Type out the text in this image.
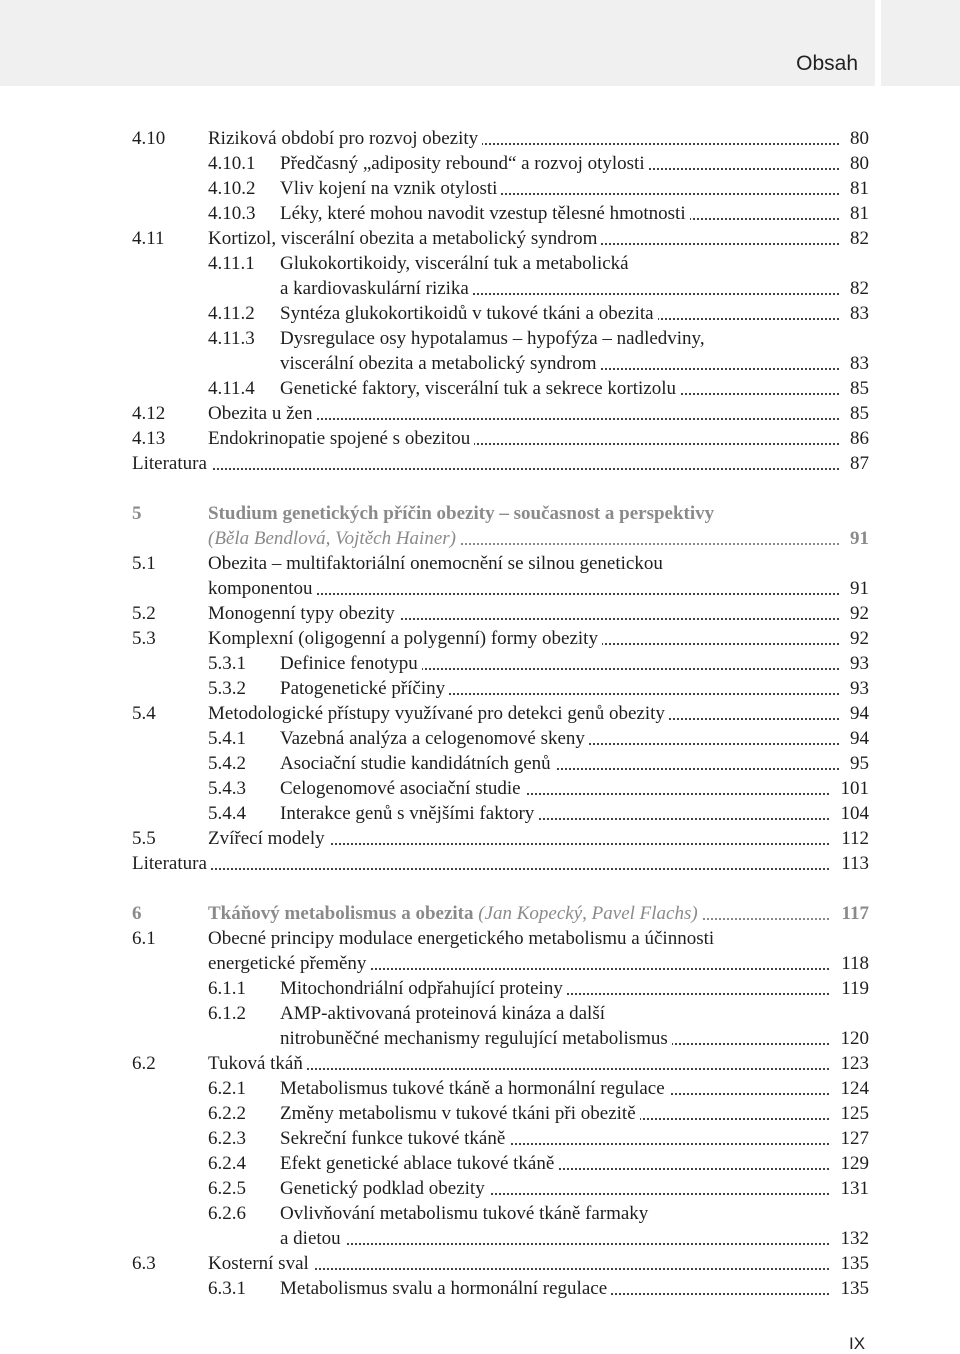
Obsah
4.10 Riziková období pro rozvoj obezity	80
4.10.1 Předčasný „adiposity rebound“ a rozvoj otylosti	80
4.10.2 Vliv kojení na vznik otylosti	81
4.10.3 Léky, které mohou navodit vzestup tělesné hmotnosti	81
4.11 Kortizol, viscerální obezita a metabolický syndrom	82
4.11.1 Glukokortikoidy, viscerální tuk a metabolická
a kardiovaskulární rizika	82
4.11.2 Syntéza glukokortikoidů v tukové tkáni a obezita	83
4.11.3 Dysregulace osy hypotalamus – hypofýza – nadledviny,
viscerální obezita a metabolický syndrom	83
4.11.4 Genetické faktory, viscerální tuk a sekrece kortizolu	85
4.12 Obezita u žen	85
4.13 Endokrinopatie spojené s obezitou	86
Literatura	87
5	Studium genetických příčin obezity – současnost a perspektivy
(Běla Bendlová, Vojtěch Hainer)	91
5.1	Obezita – multifaktoriální onemocnění se silnou genetickou
komponentou	91
5.2	Monogenní typy obezity	92
5.3	Komplexní (oligogenní a polygenní) formy obezity	92
5.3.1 Definice fenotypu	93
5.3.2 Patogenetické příčiny	93
5.4	Metodologické přístupy využívané pro detekci genů obezity	94
5.4.1 Vazebná analýza a celogenomové skeny	94
5.4.2 Asociační studie kandidátních genů	95
5.4.3 Celogenomové asociační studie	101
5.4.4 Interakce genů s vnějšími faktory	104
5.5	Zvířecí modely	112
Literatura	113
6	Tkáňový metabolismus a obezita (Jan Kopecký, Pavel Flachs)	117
6.1	Obecné principy modulace energetického metabolismu a účinnosti
energetické přeměny	118
6.1.1 Mitochondriální odpřahující proteiny	119
6.1.2 AMP-aktivovaná proteinová kináza a další
nitrobuněčné mechanismy regulující metabolismus	120
6.2	Tuková tkáň	123
6.2.1 Metabolismus tukové tkáně a hormonální regulace	124
6.2.2 Změny metabolismu v tukové tkáni při obezitě	125
6.2.3 Sekreční funkce tukové tkáně	127
6.2.4 Efekt genetické ablace tukové tkáně	129
6.2.5 Genetický podklad obezity	131
6.2.6 Ovlivňování metabolismu tukové tkáně farmaky
a dietou	132
6.3	Kosterní sval	135
6.3.1 Metabolismus svalu a hormonální regulace	135
IX
